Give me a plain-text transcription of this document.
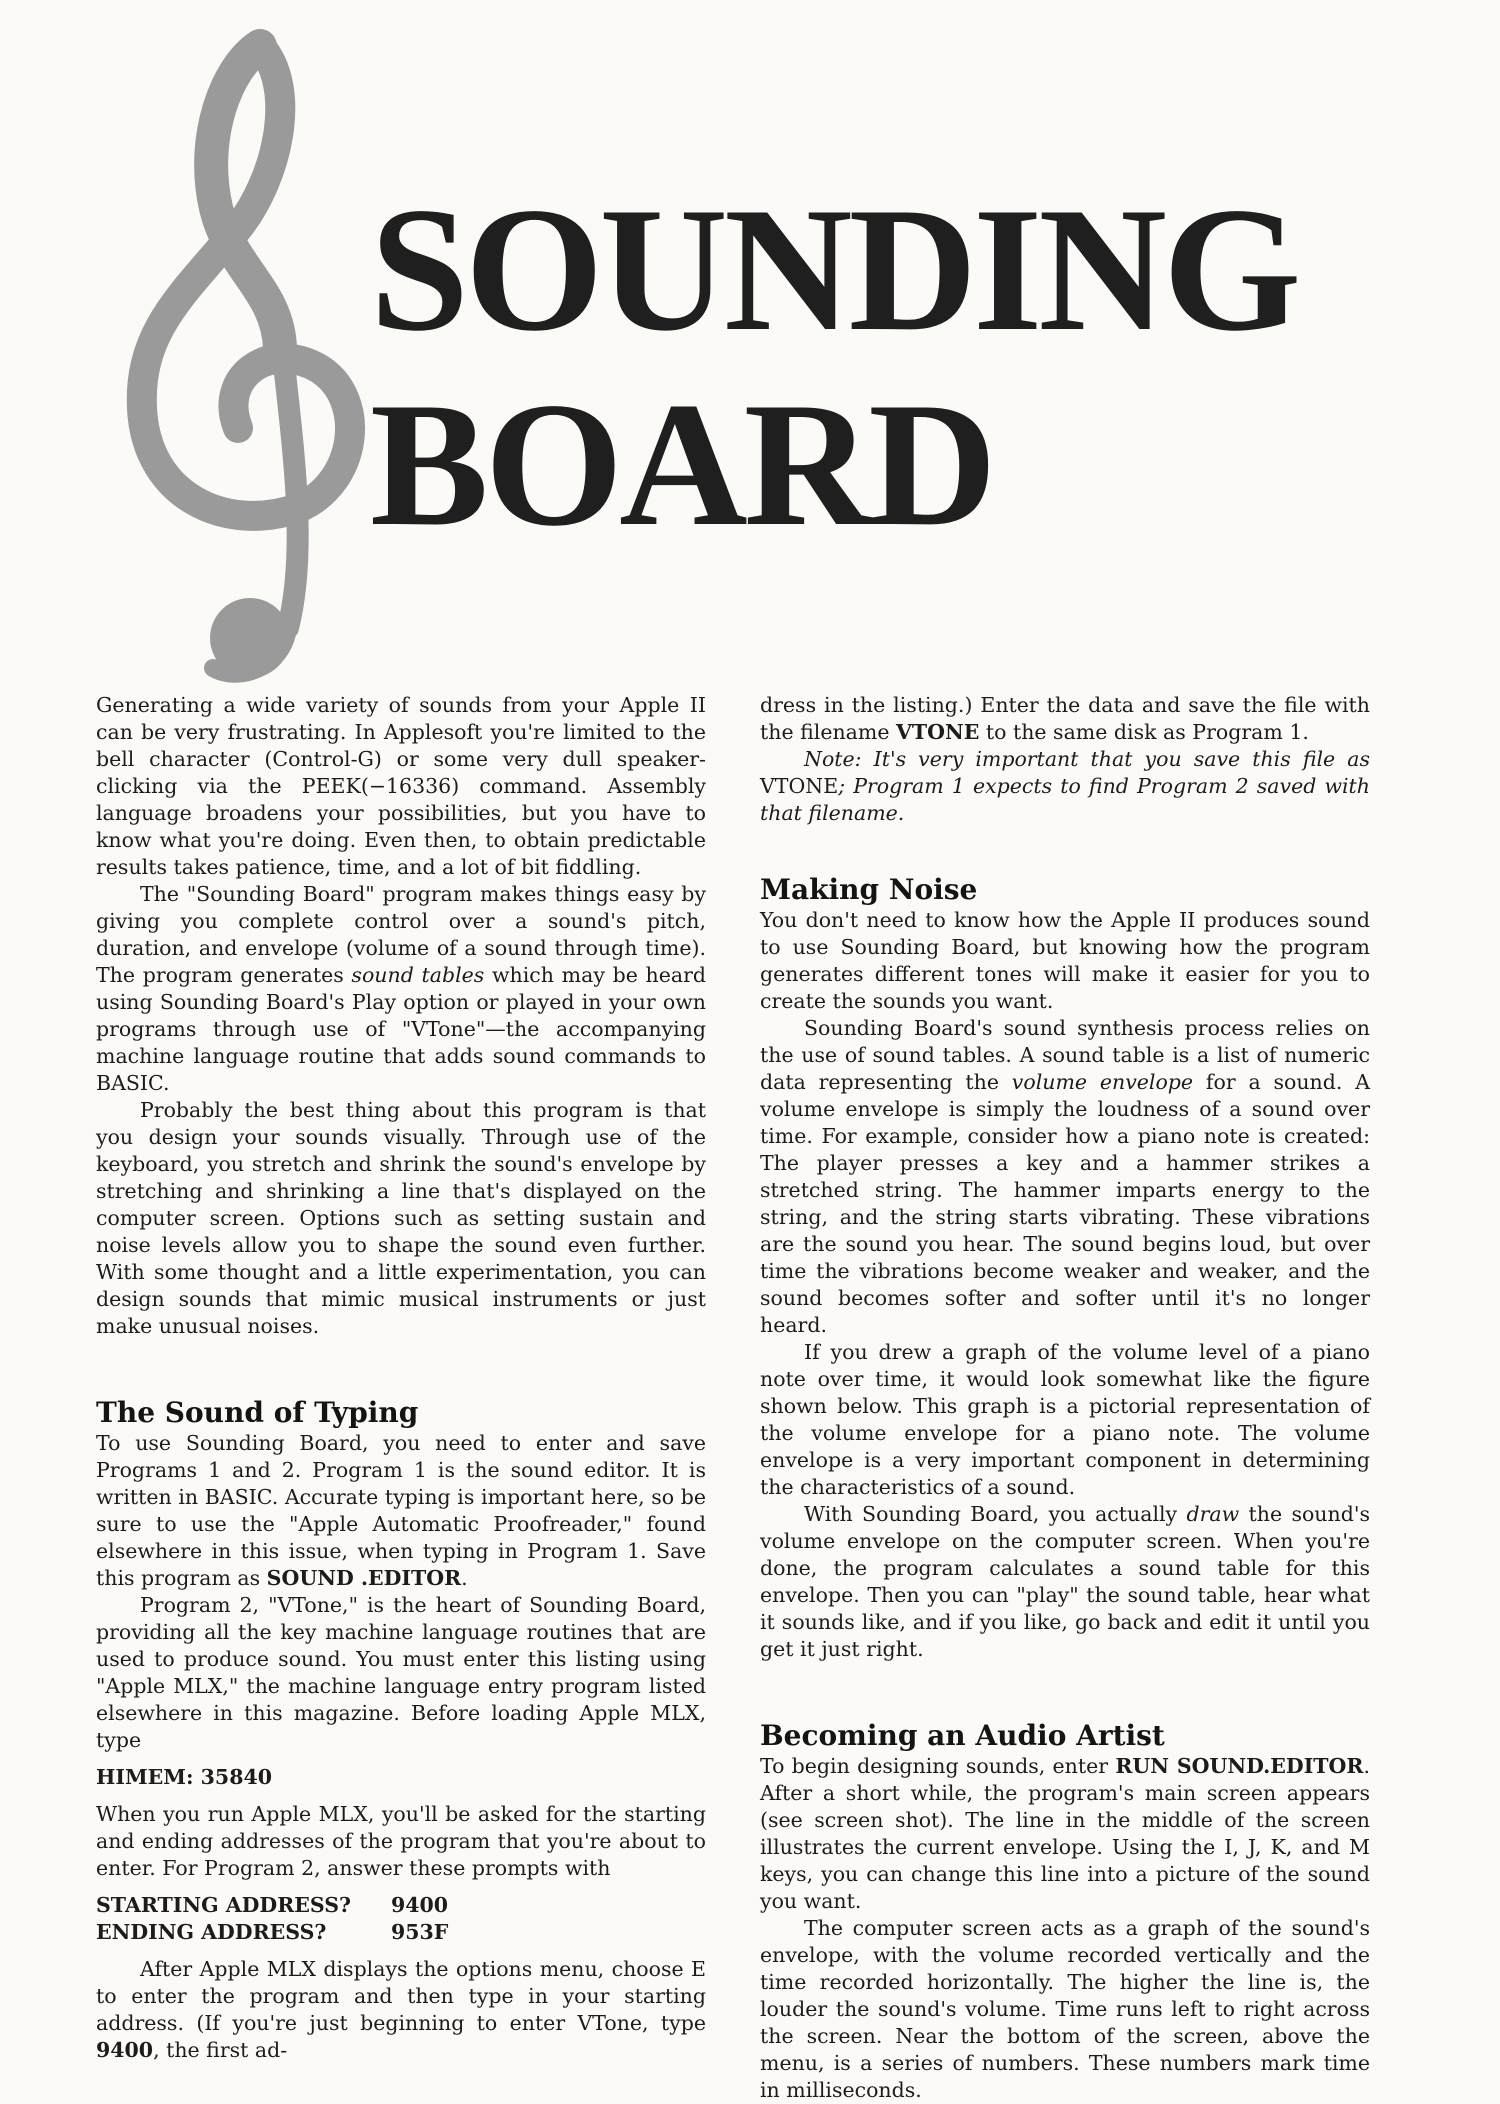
SOUNDING
BOARD

Generating a wide variety of sounds from your Apple II can be very frustrating. In Applesoft you're limited to the bell character (Control-G) or some very dull speaker-clicking via the PEEK(−16336) command. Assembly language broadens your possibilities, but you have to know what you're doing. Even then, to obtain predictable results takes patience, time, and a lot of bit fiddling.

The "Sounding Board" program makes things easy by giving you complete control over a sound's pitch, duration, and envelope (volume of a sound through time). The program generates sound tables which may be heard using Sounding Board's Play option or played in your own programs through use of "VTone"—the accompanying machine language routine that adds sound commands to BASIC.

Probably the best thing about this program is that you design your sounds visually. Through use of the keyboard, you stretch and shrink the sound's envelope by stretching and shrinking a line that's displayed on the computer screen. Options such as setting sustain and noise levels allow you to shape the sound even further. With some thought and a little experimentation, you can design sounds that mimic musical instruments or just make unusual noises.

The Sound of Typing

To use Sounding Board, you need to enter and save Programs 1 and 2. Program 1 is the sound editor. It is written in BASIC. Accurate typing is important here, so be sure to use the "Apple Automatic Proofreader," found elsewhere in this issue, when typing in Program 1. Save this program as SOUND .EDITOR.

Program 2, "VTone," is the heart of Sounding Board, providing all the key machine language routines that are used to produce sound. You must enter this listing using "Apple MLX," the machine language entry program listed elsewhere in this magazine. Before loading Apple MLX, type

HIMEM: 35840

When you run Apple MLX, you'll be asked for the starting and ending addresses of the program that you're about to enter. For Program 2, answer these prompts with

STARTING ADDRESS?	9400
ENDING ADDRESS?	953F

After Apple MLX displays the options menu, choose E to enter the program and then type in your starting address. (If you're just beginning to enter VTone, type 9400, the first ad-

dress in the listing.) Enter the data and save the file with the filename VTONE to the same disk as Program 1.

Note: It's very important that you save this file as VTONE; Program 1 expects to find Program 2 saved with that filename.

Making Noise

You don't need to know how the Apple II produces sound to use Sounding Board, but knowing how the program generates different tones will make it easier for you to create the sounds you want.

Sounding Board's sound synthesis process relies on the use of sound tables. A sound table is a list of numeric data representing the volume envelope for a sound. A volume envelope is simply the loudness of a sound over time. For example, consider how a piano note is created: The player presses a key and a hammer strikes a stretched string. The hammer imparts energy to the string, and the string starts vibrating. These vibrations are the sound you hear. The sound begins loud, but over time the vibrations become weaker and weaker, and the sound becomes softer and softer until it's no longer heard.

If you drew a graph of the volume level of a piano note over time, it would look somewhat like the figure shown below. This graph is a pictorial representation of the volume envelope for a piano note. The volume envelope is a very important component in determining the characteristics of a sound.

With Sounding Board, you actually draw the sound's volume envelope on the computer screen. When you're done, the program calculates a sound table for this envelope. Then you can "play" the sound table, hear what it sounds like, and if you like, go back and edit it until you get it just right.

Becoming an Audio Artist

To begin designing sounds, enter RUN SOUND.EDITOR. After a short while, the program's main screen appears (see screen shot). The line in the middle of the screen illustrates the current envelope. Using the I, J, K, and M keys, you can change this line into a picture of the sound you want.

The computer screen acts as a graph of the sound's envelope, with the volume recorded vertically and the time recorded horizontally. The higher the line is, the louder the sound's volume. Time runs left to right across the screen. Near the bottom of the screen, above the menu, is a series of numbers. These numbers mark time in milliseconds.
